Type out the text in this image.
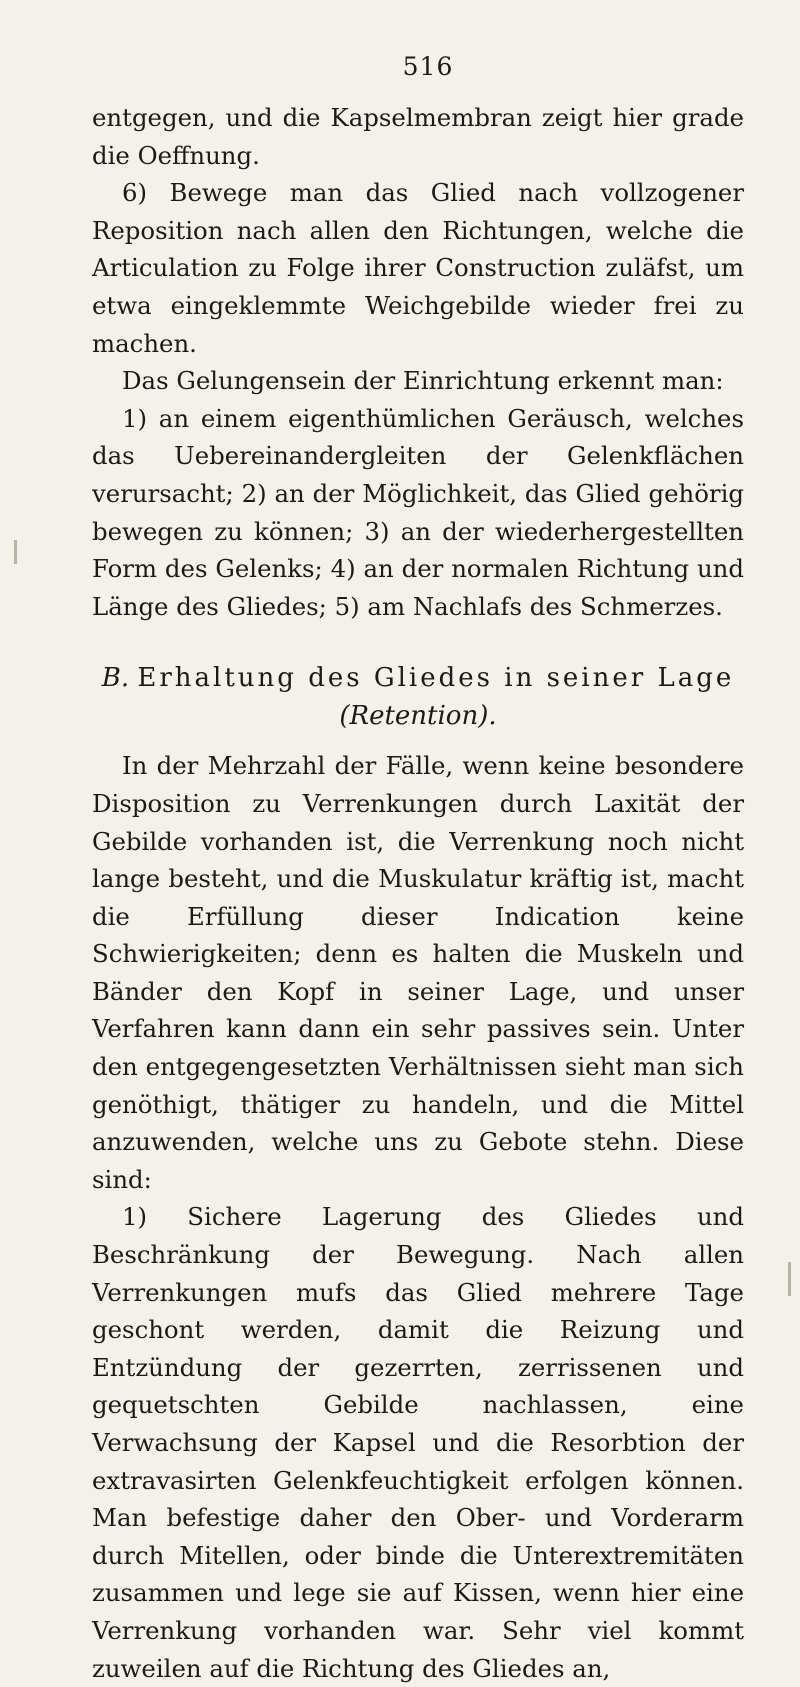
516

entgegen, und die Kapselmembran zeigt hier grade die Oeffnung.

6) Bewege man das Glied nach vollzogener Reposition nach allen den Richtungen, welche die Articulation zu Folge ihrer Construction zuläfst, um etwa eingeklemmte Weichgebilde wieder frei zu machen.

Das Gelungensein der Einrichtung erkennt man:

1) an einem eigenthümlichen Geräusch, welches das Uebereinandergleiten der Gelenkflächen verursacht; 2) an der Möglichkeit, das Glied gehörig bewegen zu können; 3) an der wiederhergestellten Form des Gelenks; 4) an der normalen Richtung und Länge des Gliedes; 5) am Nachlafs des Schmerzes.

B. Erhaltung des Gliedes in seiner Lage (Retention).

In der Mehrzahl der Fälle, wenn keine besondere Disposition zu Verrenkungen durch Laxität der Gebilde vorhanden ist, die Verrenkung noch nicht lange besteht, und die Muskulatur kräftig ist, macht die Erfüllung dieser Indication keine Schwierigkeiten; denn es halten die Muskeln und Bänder den Kopf in seiner Lage, und unser Verfahren kann dann ein sehr passives sein. Unter den entgegengesetzten Verhältnissen sieht man sich genöthigt, thätiger zu handeln, und die Mittel anzuwenden, welche uns zu Gebote stehn. Diese sind:

1) Sichere Lagerung des Gliedes und Beschränkung der Bewegung. Nach allen Verrenkungen mufs das Glied mehrere Tage geschont werden, damit die Reizung und Entzündung der gezerrten, zerrissenen und gequetschten Gebilde nachlassen, eine Verwachsung der Kapsel und die Resorbtion der extravasirten Gelenkfeuchtigkeit erfolgen können. Man befestige daher den Ober- und Vorderarm durch Mitellen, oder binde die Unterextremitäten zusammen und lege sie auf Kissen, wenn hier eine Verrenkung vorhanden war. Sehr viel kommt zuweilen auf die Richtung des Gliedes an,
